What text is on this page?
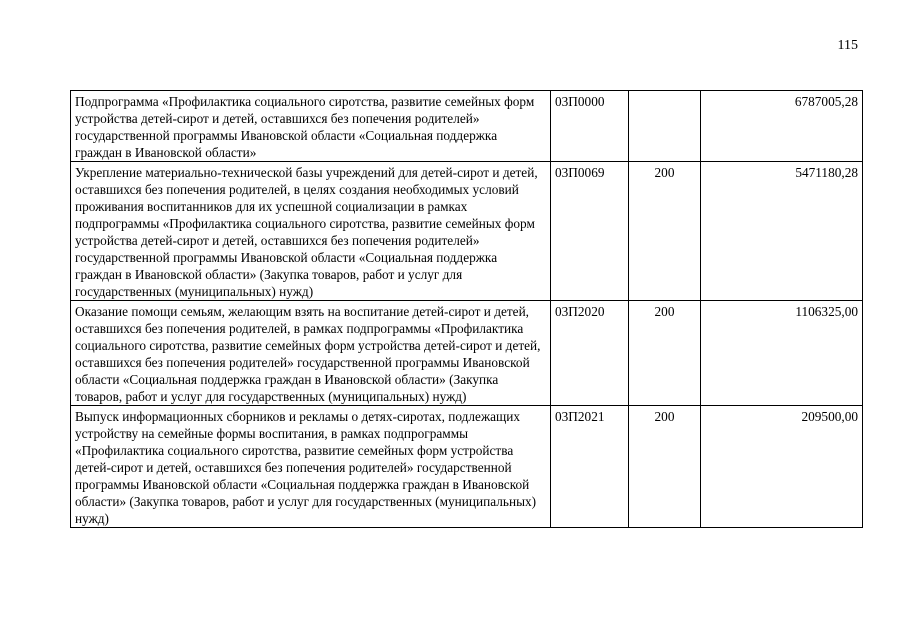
115
Подпрограмма «Профилактика социального сиротства, развитие семейных форм устройства детей-сирот и детей, оставшихся без попечения родителей» государственной программы Ивановской области «Социальная поддержка граждан в Ивановской области»	03П0000		6787005,28
Укрепление материально-технической базы учреждений для детей-сирот и детей, оставшихся без попечения родителей, в целях создания необходимых условий проживания воспитанников для их успешной социализации в рамках подпрограммы «Профилактика социального сиротства, развитие семейных форм устройства детей-сирот и детей, оставшихся без попечения родителей» государственной программы Ивановской области «Социальная поддержка граждан в Ивановской области» (Закупка товаров, работ и услуг для государственных (муниципальных) нужд)	03П0069	200	5471180,28
Оказание помощи семьям, желающим взять на воспитание детей-сирот и детей, оставшихся без попечения родителей, в рамках подпрограммы «Профилактика социального сиротства, развитие семейных форм устройства детей-сирот и детей, оставшихся без попечения родителей» государственной программы Ивановской области «Социальная поддержка граждан в Ивановской области» (Закупка товаров, работ и услуг для государственных (муниципальных) нужд)	03П2020	200	1106325,00
Выпуск информационных сборников и рекламы о детях-сиротах, подлежащих устройству на семейные формы воспитания, в рамках подпрограммы «Профилактика социального сиротства, развитие семейных форм устройства детей-сирот и детей, оставшихся без попечения родителей» государственной программы Ивановской области «Социальная поддержка граждан в Ивановской области» (Закупка товаров, работ и услуг для государственных (муниципальных) нужд)	03П2021	200	209500,00
